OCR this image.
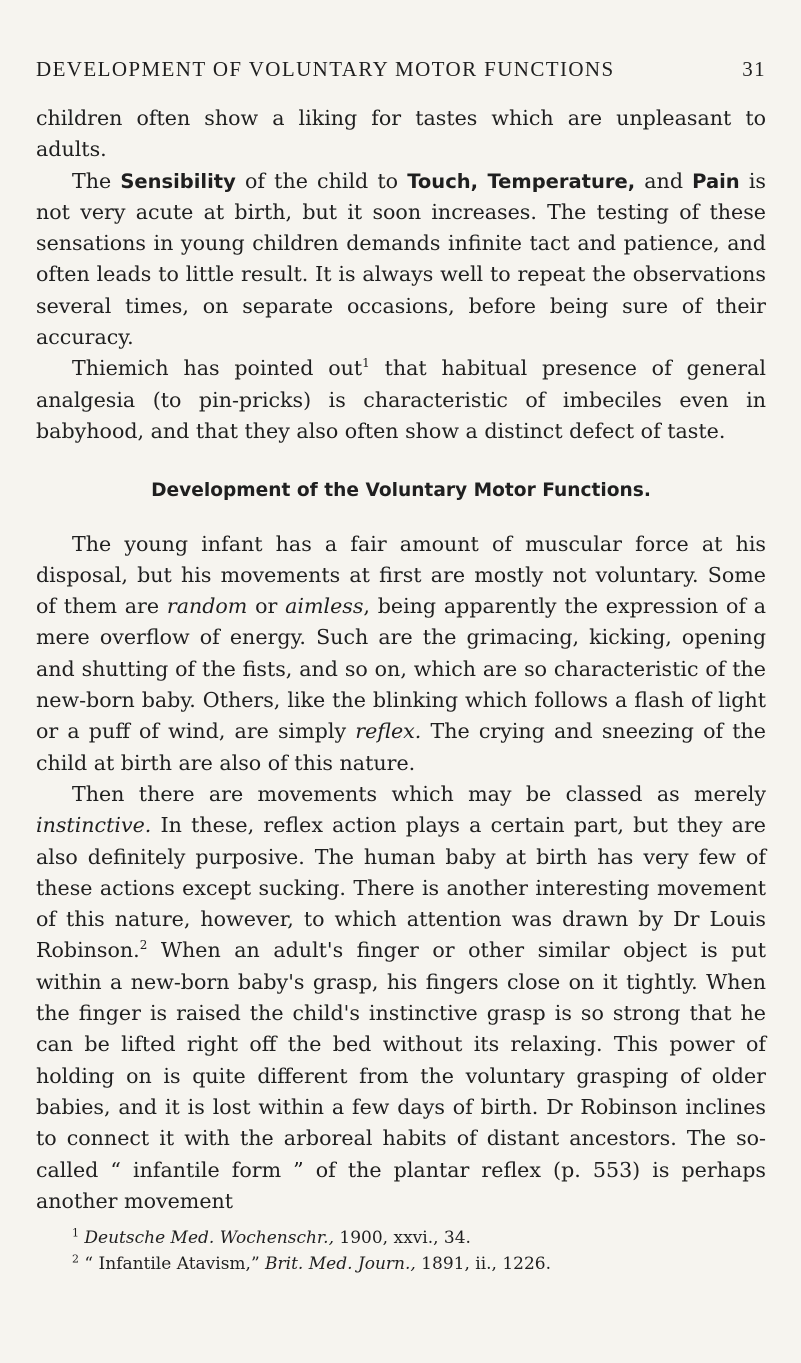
DEVELOPMENT OF VOLUNTARY MOTOR FUNCTIONS	31

children often show a liking for tastes which are unpleasant to adults.

The Sensibility of the child to Touch, Temperature, and Pain is not very acute at birth, but it soon increases. The testing of these sensations in young children demands infinite tact and patience, and often leads to little result. It is always well to repeat the observations several times, on separate occasions, before being sure of their accuracy.

Thiemich has pointed out$^1$ that habitual presence of general analgesia (to pin-pricks) is characteristic of imbeciles even in babyhood, and that they also often show a distinct defect of taste.

Development of the Voluntary Motor Functions.

The young infant has a fair amount of muscular force at his disposal, but his movements at first are mostly not voluntary. Some of them are random or aimless, being apparently the expression of a mere overflow of energy. Such are the grimacing, kicking, opening and shutting of the fists, and so on, which are so characteristic of the new-born baby. Others, like the blinking which follows a flash of light or a puff of wind, are simply reflex. The crying and sneezing of the child at birth are also of this nature.

Then there are movements which may be classed as merely instinctive. In these, reflex action plays a certain part, but they are also definitely purposive. The human baby at birth has very few of these actions except sucking. There is another interesting movement of this nature, however, to which attention was drawn by Dr Louis Robinson.$^2$ When an adult's finger or other similar object is put within a new-born baby's grasp, his fingers close on it tightly. When the finger is raised the child's instinctive grasp is so strong that he can be lifted right off the bed without its relaxing. This power of holding on is quite different from the voluntary grasping of older babies, and it is lost within a few days of birth. Dr Robinson inclines to connect it with the arboreal habits of distant ancestors. The so-called “ infantile form ” of the plantar reflex (p. 553) is perhaps another movement

$^1$ Deutsche Med. Wochenschr., 1900, xxvi., 34.
$^2$ “ Infantile Atavism,” Brit. Med. Journ., 1891, ii., 1226.
